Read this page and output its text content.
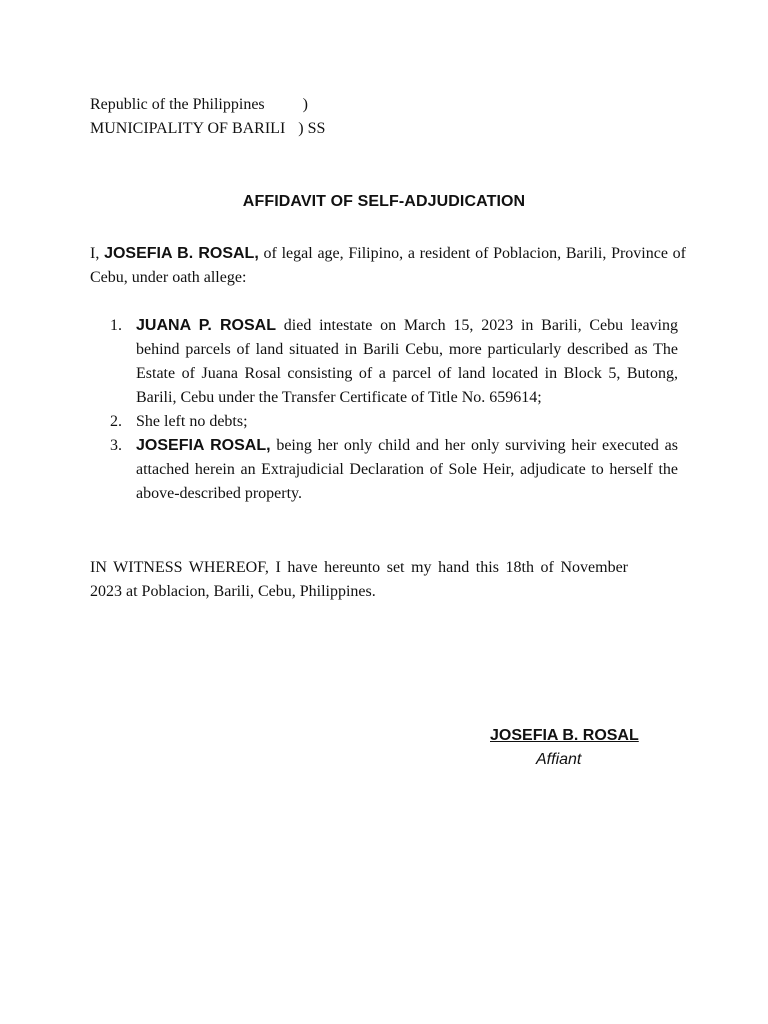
Republic of the Philippines )
MUNICIPALITY OF BARILI ) SS
AFFIDAVIT OF SELF-ADJUDICATION
I, JOSEFIA B. ROSAL, of legal age, Filipino, a resident of Poblacion, Barili, Province of Cebu, under oath allege:
1. JUANA P. ROSAL died intestate on March 15, 2023 in Barili, Cebu leaving behind parcels of land situated in Barili Cebu, more particularly described as The Estate of Juana Rosal consisting of a parcel of land located in Block 5, Butong, Barili, Cebu under the Transfer Certificate of Title No. 659614;
2. She left no debts;
3. JOSEFIA ROSAL, being her only child and her only surviving heir executed as attached herein an Extrajudicial Declaration of Sole Heir, adjudicate to herself the above-described property.
IN WITNESS WHEREOF, I have hereunto set my hand this 18th of November 2023 at Poblacion, Barili, Cebu, Philippines.
JOSEFIA B. ROSAL
Affiant
